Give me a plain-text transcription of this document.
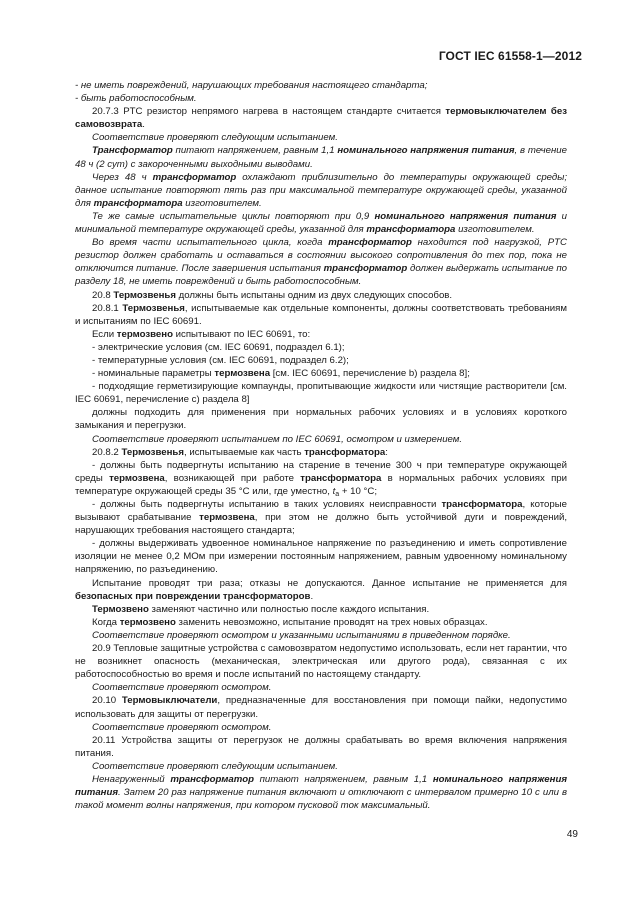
ГОСТ IEC 61558-1—2012

- не иметь повреждений, нарушающих требования настоящего стандарта;

- быть работоспособным.

20.7.3 PTC резистор непрямого нагрева в настоящем стандарте считается термовыключателем без самовозврата.

Соответствие проверяют следующим испытанием.

Трансформатор питают напряжением, равным 1,1 номинального напряжения питания, в течение 48 ч (2 сут) с закороченными выходными выводами.

Через 48 ч трансформатор охлаждают приблизительно до температуры окружающей среды; данное испытание повторяют пять раз при максимальной температуре окружающей среды, указанной для трансформатора изготовителем.

Те же самые испытательные циклы повторяют при 0,9 номинального напряжения питания и минимальной температуре окружающей среды, указанной для трансформатора изготовителем.

Во время части испытательного цикла, когда трансформатор находится под нагрузкой, PTC резистор должен сработать и оставаться в состоянии высокого сопротивления до тех пор, пока не отключится питание. После завершения испытания трансформатор должен выдержать испытание по разделу 18, не иметь повреждений и быть работоспособным.

20.8 Термозвенья должны быть испытаны одним из двух следующих способов.

20.8.1 Термозвенья, испытываемые как отдельные компоненты, должны соответствовать требованиям и испытаниям по IEC 60691.

Если термозвено испытывают по IEC 60691, то:

- электрические условия (см. IEC 60691, подраздел 6.1);

- температурные условия (см. IEC 60691, подраздел 6.2);

- номинальные параметры термозвена [см. IEC 60691, перечисление b) раздела 8];

- подходящие герметизирующие компаунды, пропитывающие жидкости или чистящие растворители [см. IEC 60691, перечисление с) раздела 8]

должны подходить для применения при нормальных рабочих условиях и в условиях короткого замыкания и перегрузки.

Соответствие проверяют испытанием по IEC 60691, осмотром и измерением.

20.8.2 Термозвенья, испытываемые как часть трансформатора:

- должны быть подвергнуты испытанию на старение в течение 300 ч при температуре окружающей среды термозвена, возникающей при работе трансформатора в нормальных рабочих условиях при температуре окружающей среды 35 °С или, где уместно, $t_a + 10$ °С;

- должны быть подвергнуты испытанию в таких условиях неисправности трансформатора, которые вызывают срабатывание термозвена, при этом не должно быть устойчивой дуги и повреждений, нарушающих требования настоящего стандарта;

- должны выдерживать удвоенное номинальное напряжение по разъединению и иметь сопротивление изоляции не менее 0,2 МОм при измерении постоянным напряжением, равным удвоенному номинальному напряжению, по разъединению.

Испытание проводят три раза; отказы не допускаются. Данное испытание не применяется для безопасных при повреждении трансформаторов.

Термозвено заменяют частично или полностью после каждого испытания.

Когда термозвено заменить невозможно, испытание проводят на трех новых образцах.

Соответствие проверяют осмотром и указанными испытаниями в приведенном порядке.

20.9 Тепловые защитные устройства с самовозвратом недопустимо использовать, если нет гарантии, что не возникнет опасность (механическая, электрическая или другого рода), связанная с их работоспособностью во время и после испытаний по настоящему стандарту.

Соответствие проверяют осмотром.

20.10 Термовыключатели, предназначенные для восстановления при помощи пайки, недопустимо использовать для защиты от перегрузки.

Соответствие проверяют осмотром.

20.11 Устройства защиты от перегрузок не должны срабатывать во время включения напряжения питания.

Соответствие проверяют следующим испытанием.

Ненагруженный трансформатор питают напряжением, равным 1,1 номинального напряжения питания. Затем 20 раз напряжение питания включают и отключают с интервалом примерно 10 с или в такой момент волны напряжения, при котором пусковой ток максимальный.

49
